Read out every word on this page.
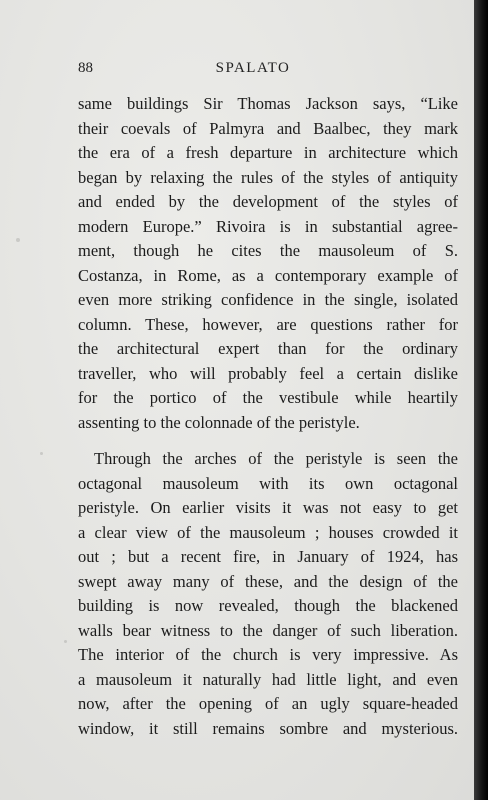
88	SPALATO
same buildings Sir Thomas Jackson says, “Like
their coevals of Palmyra and Baalbec, they mark
the era of a fresh departure in architecture which
began by relaxing the rules of the styles of antiquity
and ended by the development of the styles of
modern Europe.” Rivoira is in substantial agree-
ment, though he cites the mausoleum of S.
Costanza, in Rome, as a contemporary example of
even more striking confidence in the single, isolated
column. These, however, are questions rather for
the architectural expert than for the ordinary
traveller, who will probably feel a certain dislike
for the portico of the vestibule while heartily
assenting to the colonnade of the peristyle.
Through the arches of the peristyle is seen the
octagonal mausoleum with its own octagonal
peristyle. On earlier visits it was not easy to get
a clear view of the mausoleum ; houses crowded it
out ; but a recent fire, in January of 1924, has
swept away many of these, and the design of the
building is now revealed, though the blackened
walls bear witness to the danger of such liberation.
The interior of the church is very impressive. As
a mausoleum it naturally had little light, and even
now, after the opening of an ugly square-headed
window, it still remains sombre and mysterious.
